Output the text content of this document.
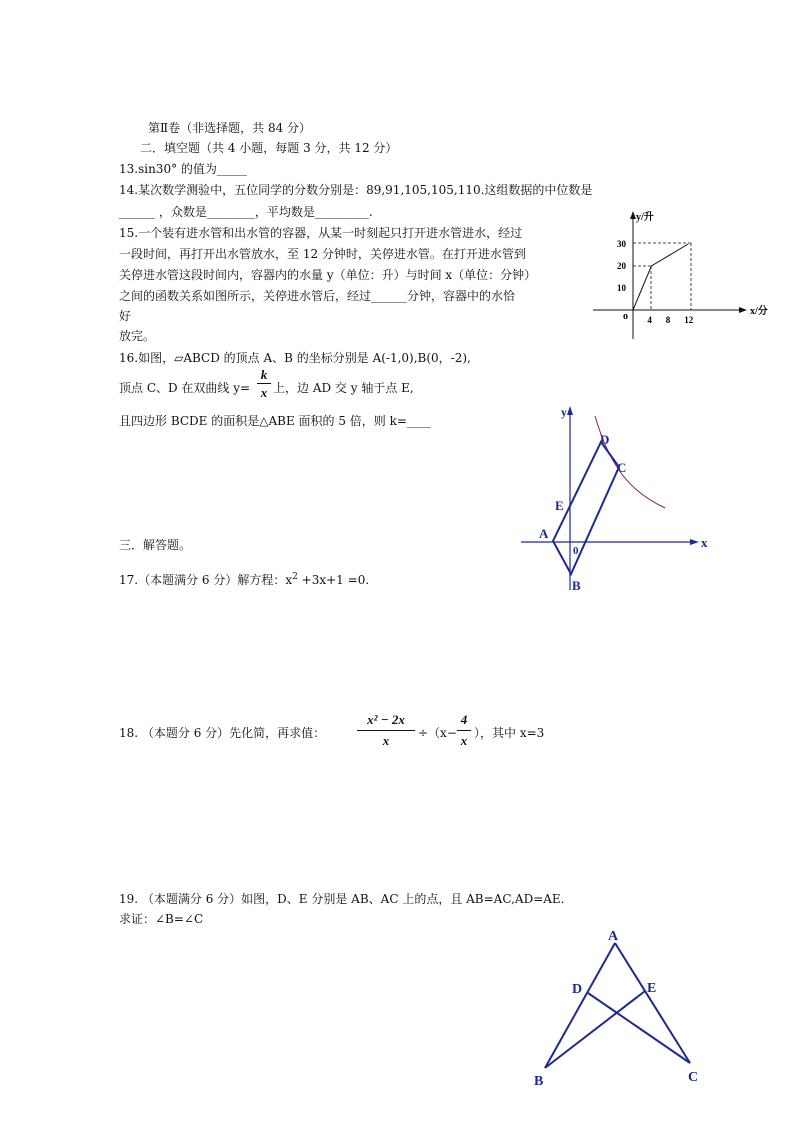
第Ⅱ卷（非选择题，共 84 分）
二．填空题（共 4 小题，每题 3 分，共 12 分）
13.sin30° 的值为_____
14.某次数学测验中，五位同学的分数分别是：89,91,105,105,110.这组数据的中位数是
______ ，众数是________，平均数是_________.
15.一个装有进水管和出水管的容器，从某一时刻起只打开进水管进水，经过
一段时间，再打开出水管放水，至 12 分钟时，关停进水管。在打开进水管到
关停进水管这段时间内，容器内的水量 y（单位：升）与时间 x（单位：分钟）
之间的函数关系如图所示，关停进水管后，经过______分钟，容器中的水恰
好
放完。
y/升
x/分
o 4 8 12
10
20
30
16.如图，▱ABCD 的顶点 A、B 的坐标分别是 A(-1,0),B(0，-2),
顶点 C、D 在双曲线 y=
k
x 上，边 AD 交 y 轴于点 E,
且四边形 BCDE 的面积是△ABE 面积的 5 倍，则 k=____
y
x
0
A
B
C
D
E
三．解答题。
17.（本题满分 6 分）解方程：$x^2 +3x+1 =0$.
18. （本题分 6 分）先化简，再求值：
x² − 2x
x	÷（x−
4
x ），其中 x=3
19. （本题满分 6 分）如图，D、E 分别是 AB、AC 上的点，且 AB=AC,AD=AE.
求证：∠B=∠C
A
B	C
D	E
